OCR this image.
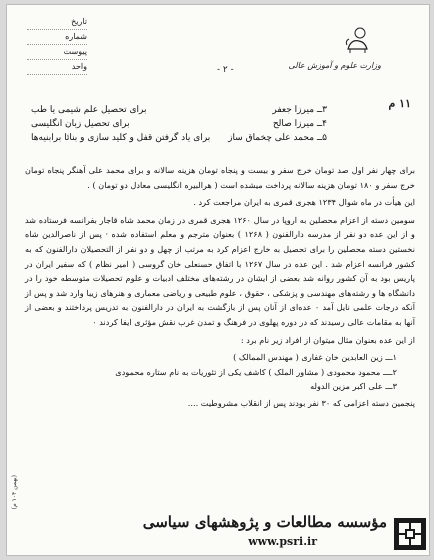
تاریخ
شماره
پیوست
واحد	وزارت علوم و آموزش عالی
- ۲ -
۱۱ م
۳ــ میرزا جعفر
برای تحصیل علم شیمی یا طب
۴ــ میرزا صالح
برای تحصیل زبان انگلیسی
۵ــ محمد علی چخماق ساز
برای یاد گرفتن قفل و کلید سازی و بنائا برابنیه‌ها

برای چهار نفر اول صد تومان خرج سفر و بیست و پنجاه تومان هزینه سالانه و برای محمد علی آهنگر پنجاه تومان خرج سفر و ۱۸۰ تومان هزینه سالانه پرداخت میشده است ( هرالبیره انگلیسی معادل دو تومان ) .

این هیأت در ماه شوال ۱۲۳۴ هجری قمری به ایران مراجعت کرد .

سومین دسته از اعزام محصلین به اروپا در سال ۱۲۶۰ هجری قمری در زمان محمد شاه قاجار بفرانسه فرستاده شد و از این عده دو نفر از مدرسه دارالفنون ( ۱۲۶۸ ) بعنوان مترجم و معلم استفاده شده · پس از ناصرالدین شاه نخستین دسته محصلین را برای تحصیل به خارج اعزام کرد به مرتب از چهل و دو نفر از التحصیلان دارالفنون که به کشور فرانسه اعزام شد . این عده در سال ۱۲۶۷ با اتفاق حسنعلی خان گروسی ( امیر نظام ) که سفیر ایران در پاریس بود به آن کشور روانه شد بعضی از ایشان در رشته‌های مختلف ادبیات و علوم تحصیلات متوسطه خود را در دانشگاه ها و رشته‌های مهندسی و پزشکی ، حقوق ، علوم طبیعی و ریاضی معماری و هنرهای زیبا وارد شد و پس از آنکه درجات علمی نایل آمد ۰ عده‌ای از آنان پس از بازگشت به ایران در دارالفنون به تدریس پرداختند و بعضی از آنها به مقامات عالی رسیدند که در دوره پهلوی در فرهنگ و تمدن غرب نقش مؤثری ایفا کردند ۰

از این عده بعنوان مثال میتوان از افراد زیر نام برد :

۱ـــ زین العابدین خان غفاری ( مهندس الممالک )
۲ــــ محمود محمودی ( مشاور الملک ) کاشف یکی از تئوریات به نام ستاره محمودی
۳ـــ علی اکبر مزین الدوله

پنجمین دسته اعزامی که ۳۰ نفر بودند پس از انقلاب مشروطیت ....

(بهمن ۱۰۴ م)
مؤسسه مطالعات و پژوهشهای سیاسی
www.psri.ir
